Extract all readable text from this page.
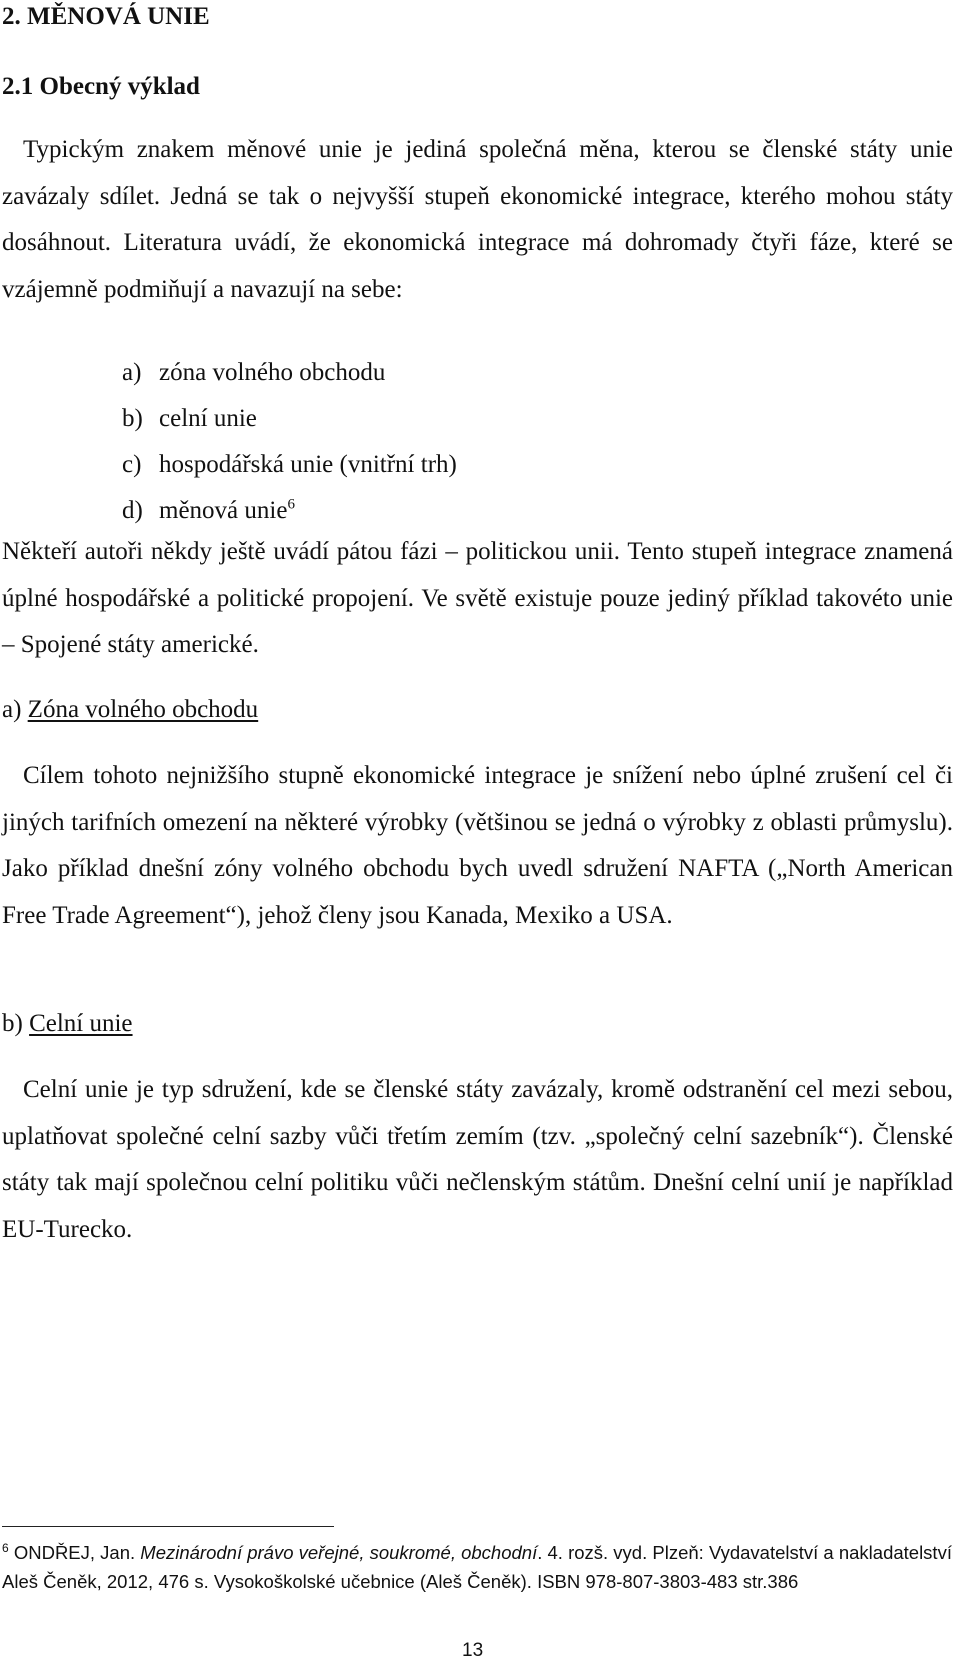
2. MĚNOVÁ UNIE
2.1 Obecný výklad

Typickým znakem měnové unie je jediná společná měna, kterou se členské státy unie zavázaly sdílet. Jedná se tak o nejvyšší stupeň ekonomické integrace, kterého mohou státy dosáhnout. Literatura uvádí, že ekonomická integrace má dohromady čtyři fáze, které se vzájemně podmiňují a navazují na sebe:

a) zóna volného obchodu
b) celní unie
c) hospodářská unie (vnitřní trh)
d) měnová unie$^6$

Někteří autoři někdy ještě uvádí pátou fázi – politickou unii. Tento stupeň integrace znamená úplné hospodářské a politické propojení. Ve světě existuje pouze jediný příklad takovéto unie – Spojené státy americké.

a) Zóna volného obchodu

Cílem tohoto nejnižšího stupně ekonomické integrace je snížení nebo úplné zrušení cel či jiných tarifních omezení na některé výrobky (většinou se jedná o výrobky z oblasti průmyslu). Jako příklad dnešní zóny volného obchodu bych uvedl sdružení NAFTA („North American Free Trade Agreement“), jehož členy jsou Kanada, Mexiko a USA.

b) Celní unie

Celní unie je typ sdružení, kde se členské státy zavázaly, kromě odstranění cel mezi sebou, uplatňovat společné celní sazby vůči třetím zemím (tzv. „společný celní sazebník“). Členské státy tak mají společnou celní politiku vůči nečlenským státům. Dnešní celní unií je například EU-Turecko.

$^6$ ONDŘEJ, Jan. Mezinárodní právo veřejné, soukromé, obchodní. 4. rozš. vyd. Plzeň: Vydavatelství a nakladatelství Aleš Čeněk, 2012, 476 s. Vysokoškolské učebnice (Aleš Čeněk). ISBN 978-807-3803-483 str.386

13
